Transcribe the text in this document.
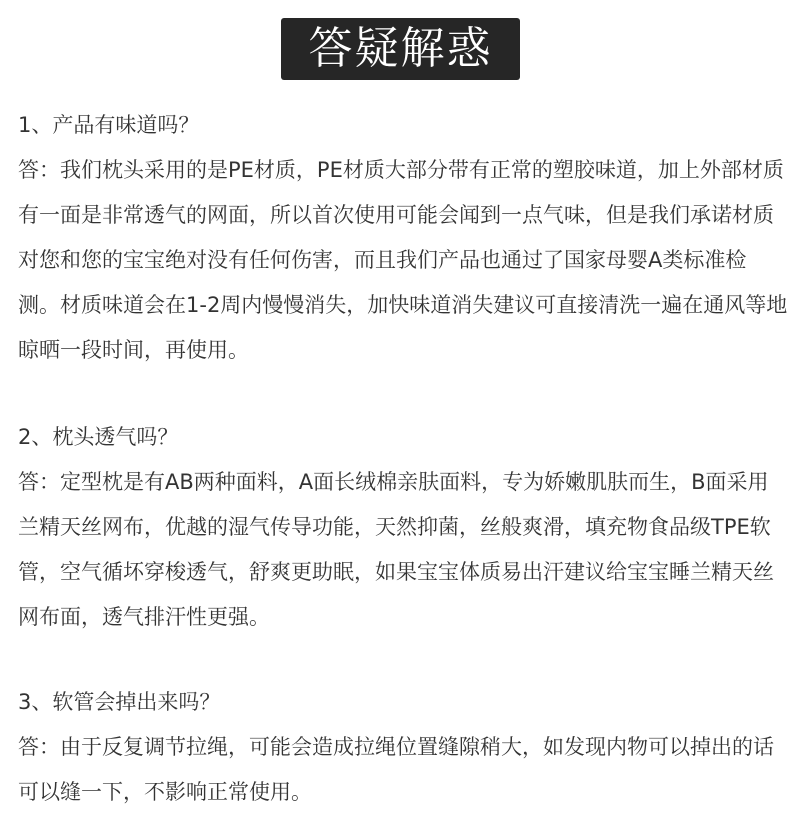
答疑解惑

1、产品有味道吗？

答：我们枕头采用的是PE材质，PE材质大部分带有正常的塑胶味道，加上外部材质有一面是非常透气的网面，所以首次使用可能会闻到一点气味，但是我们承诺材质对您和您的宝宝绝对没有任何伤害，而且我们产品也通过了国家母婴A类标准检测。材质味道会在1-2周内慢慢消失，加快味道消失建议可直接清洗一遍在通风等地晾晒一段时间，再使用。

2、枕头透气吗？

答：定型枕是有AB两种面料，A面长绒棉亲肤面料，专为娇嫩肌肤而生，B面采用兰精天丝网布，优越的湿气传导功能，天然抑菌，丝般爽滑，填充物食品级TPE软管，空气循坏穿梭透气，舒爽更助眠，如果宝宝体质易出汗建议给宝宝睡兰精天丝网布面，透气排汗性更强。

3、软管会掉出来吗？

答：由于反复调节拉绳，可能会造成拉绳位置缝隙稍大，如发现内物可以掉出的话可以缝一下，不影响正常使用。
